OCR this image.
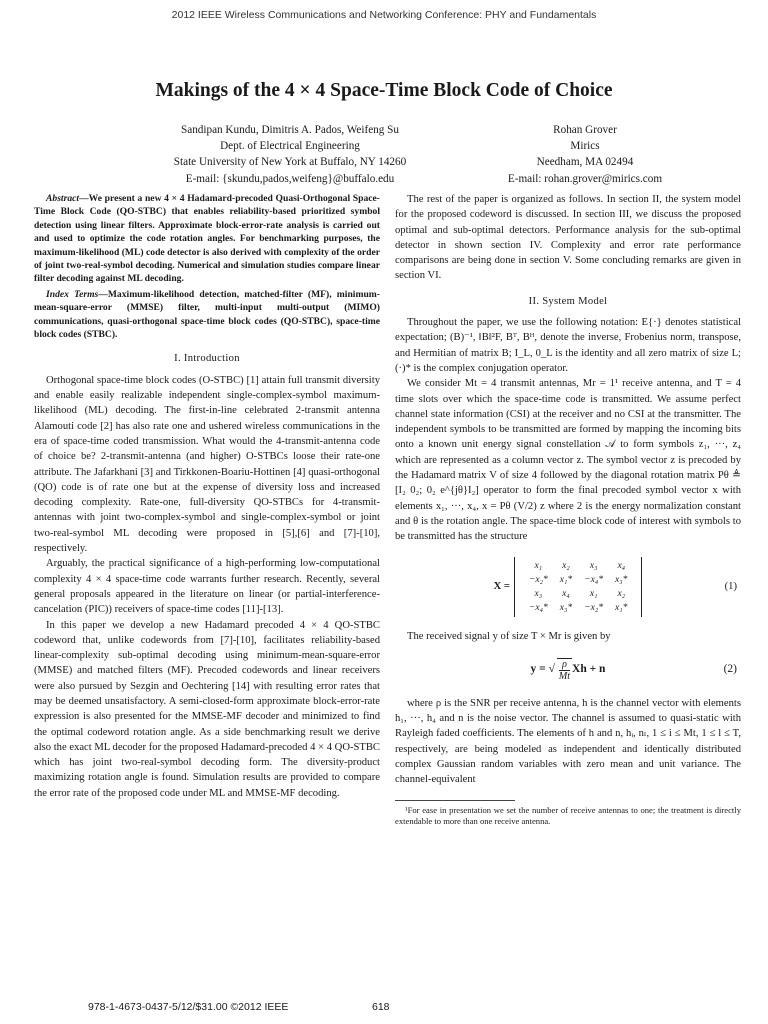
2012 IEEE Wireless Communications and Networking Conference: PHY and Fundamentals
Makings of the 4 × 4 Space-Time Block Code of Choice
Sandipan Kundu, Dimitris A. Pados, Weifeng Su
Dept. of Electrical Engineering
State University of New York at Buffalo, NY 14260
E-mail: {skundu,pados,weifeng}@buffalo.edu
Rohan Grover
Mirics
Needham, MA 02494
E-mail: rohan.grover@mirics.com

Abstract—We present a new 4 × 4 Hadamard-precoded Quasi-Orthogonal Space-Time Block Code (QO-STBC) that enables reliability-based prioritized symbol detection using linear filters. Approximate block-error-rate analysis is carried out and used to optimize the code rotation angles. For benchmarking purposes, the maximum-likelihood (ML) code detector is also derived with complexity of the order of joint two-real-symbol decoding. Numerical and simulation studies compare linear filter decoding against ML decoding.

Index Terms—Maximum-likelihood detection, matched-filter (MF), minimum-mean-square-error (MMSE) filter, multi-input multi-output (MIMO) communications, quasi-orthogonal space-time block codes (QO-STBC), space-time block codes (STBC).

I. Introduction

Orthogonal space-time block codes (O-STBC) [1] attain full transmit diversity and enable easily realizable independent single-complex-symbol maximum-likelihood (ML) decoding. The first-in-line celebrated 2-transmit antenna Alamouti code [2] has also rate one and ushered wireless communications in the era of space-time coded transmission. What would the 4-transmit-antenna code of choice be? 2-transmit-antenna (and higher) O-STBCs loose their rate-one attribute. The Jafarkhani [3] and Tirkkonen-Boariu-Hottinen [4] quasi-orthogonal (QO) code is of rate one but at the expense of diversity loss and increased decoding complexity. Rate-one, full-diversity QO-STBCs for 4-transmit-antennas with joint two-complex-symbol and single-complex-symbol or joint two-real-symbol ML decoding were proposed in [5],[6] and [7]-[10], respectively.

Arguably, the practical significance of a high-performing low-computational complexity 4 × 4 space-time code warrants further research. Recently, several general proposals appeared in the literature on linear (or partial-interference-cancelation (PIC)) receivers of space-time codes [11]-[13].

In this paper we develop a new Hadamard precoded 4 × 4 QO-STBC codeword that, unlike codewords from [7]-[10], facilitates reliability-based linear-complexity sub-optimal decoding using minimum-mean-square-error (MMSE) and matched filters (MF). Precoded codewords and linear receivers were also pursued by Sezgin and Oechtering [14] with resulting error rates that may be deemed unsatisfactory. A semi-closed-form approximate block-error-rate expression is also presented for the MMSE-MF decoder and minimized to find the optimal codeword rotation angle. As a side benchmarking result we derive also the exact ML decoder for the proposed Hadamard-precoded 4 × 4 QO-STBC which has joint two-real-symbol decoding form. The diversity-product maximizing rotation angle is found. Simulation results are provided to compare the error rate of the proposed code under ML and MMSE-MF decoding.

The rest of the paper is organized as follows. In section II, the system model for the proposed codeword is discussed. In section III, we discuss the proposed optimal and sub-optimal detectors. Performance analysis for the sub-optimal detector in shown section IV. Complexity and error rate performance comparisons are being done in section V. Some concluding remarks are given in section VI.

II. System Model

Throughout the paper, we use the following notation: E{·} denotes statistical expectation; (B)⁻¹, ‖B‖²F, Bᵀ, Bᴴ, denote the inverse, Frobenius norm, transpose, and Hermitian of matrix B; I_L, 0_L is the identity and all zero matrix of size L; (·)* is the complex conjugation operator.

We consider Mt = 4 transmit antennas, Mr = 1¹ receive antenna, and T = 4 time slots over which the space-time code is transmitted. We assume perfect channel state information (CSI) at the receiver and no CSI at the transmitter. The independent symbols to be transmitted are formed by mapping the incoming bits onto a known unit energy signal constellation 𝒜 to form symbols z₁, ···, z₄ which are represented as a column vector z. The symbol vector z is precoded by the Hadamard matrix V of size 4 followed by the diagonal rotation matrix Pθ ≜ [I₂ 0₂; 0₂ e^{jθ}I₂] operator to form the final precoded symbol vector x with elements x₁, ···, x₄, x = Pθ (V/2) z where 2 is the energy normalization constant and θ is the rotation angle. The space-time block code of interest with symbols to be transmitted has the structure

X =
x₁	x₂	x₃	x₄
−x₂*	x₁*	−x₄*	x₃*
x₃	x₄	x₁	x₂
−x₄*	x₃*	−x₂*	x₁*
(1)

The received signal y of size T × Mr is given by

y = √ $\frac{\rho}{Mt}$ Xh + n	(2)

where ρ is the SNR per receive antenna, h is the channel vector with elements h₁, ···, h₄ and n is the noise vector. The channel is assumed to quasi-static with Rayleigh faded coefficients. The elements of h and n, hᵢ, nₗ, 1 ≤ i ≤ Mt, 1 ≤ l ≤ T, respectively, are being modeled as independent and identically distributed complex Gaussian random variables with zero mean and unit variance. The channel-equivalent

¹For ease in presentation we set the number of receive antennas to one; the treatment is directly extendable to more than one receive antenna.
978-1-4673-0437-5/12/$31.00 ©2012 IEEE	618
